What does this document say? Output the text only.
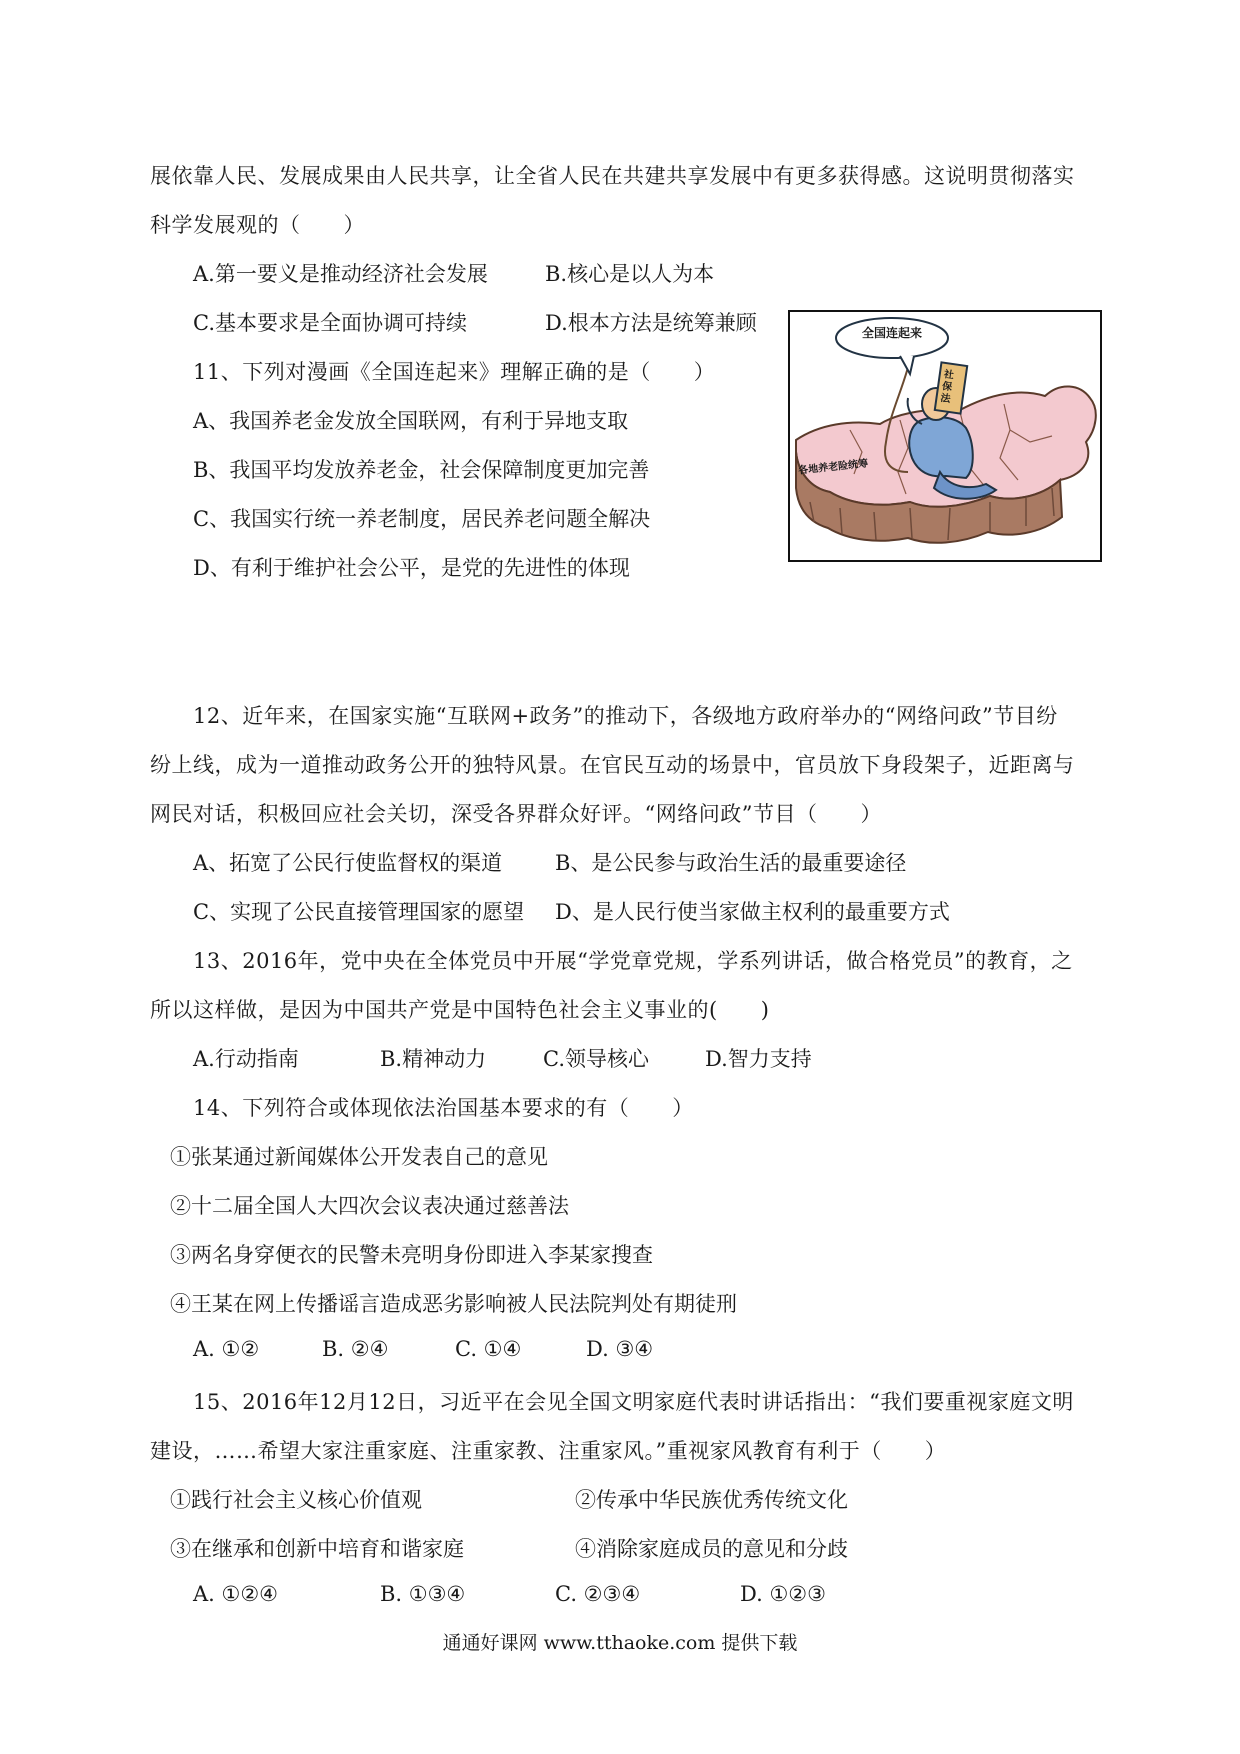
展依靠人民、发展成果由人民共享，让全省人民在共建共享发展中有更多获得感。这说明贯彻落实
科学发展观的（　　）
A.第一要义是推动经济社会发展	B.核心是以人为本
C.基本要求是全面协调可持续	D.根本方法是统筹兼顾
11、下列对漫画《全国连起来》理解正确的是（　　）
A、我国养老金发放全国联网，有利于异地支取
B、我国平均发放养老金，社会保障制度更加完善
C、我国实行统一养老制度，居民养老问题全解决
D、有利于维护社会公平，是党的先进性的体现
全国连起来
社保法
各地养老险统筹
12、近年来，在国家实施“互联网+政务”的推动下，各级地方政府举办的“网络问政”节目纷
纷上线，成为一道推动政务公开的独特风景。在官民互动的场景中，官员放下身段架子，近距离与
网民对话，积极回应社会关切，深受各界群众好评。“网络问政”节目（　　）
A、拓宽了公民行使监督权的渠道	B、是公民参与政治生活的最重要途径
C、实现了公民直接管理国家的愿望 D、是人民行使当家做主权利的最重要方式
13、2016年，党中央在全体党员中开展“学党章党规，学系列讲话，做合格党员”的教育，之
所以这样做，是因为中国共产党是中国特色社会主义事业的(　　)
A.行动指南	B.精神动力	C.领导核心	D.智力支持
14、下列符合或体现依法治国基本要求的有（　　）
①张某通过新闻媒体公开发表自己的意见
②十二届全国人大四次会议表决通过慈善法
③两名身穿便衣的民警未亮明身份即进入李某家搜查
④王某在网上传播谣言造成恶劣影响被人民法院判处有期徒刑
A. ①②	B. ②④	C. ①④	D. ③④
15、2016年12月12日，习近平在会见全国文明家庭代表时讲话指出：“我们要重视家庭文明
建设，……希望大家注重家庭、注重家教、注重家风。”重视家风教育有利于（　　）
①践行社会主义核心价值观	②传承中华民族优秀传统文化
③在继承和创新中培育和谐家庭	④消除家庭成员的意见和分歧
A. ①②④	B. ①③④	C. ②③④	D. ①②③
通通好课网 www.tthaoke.com 提供下载
